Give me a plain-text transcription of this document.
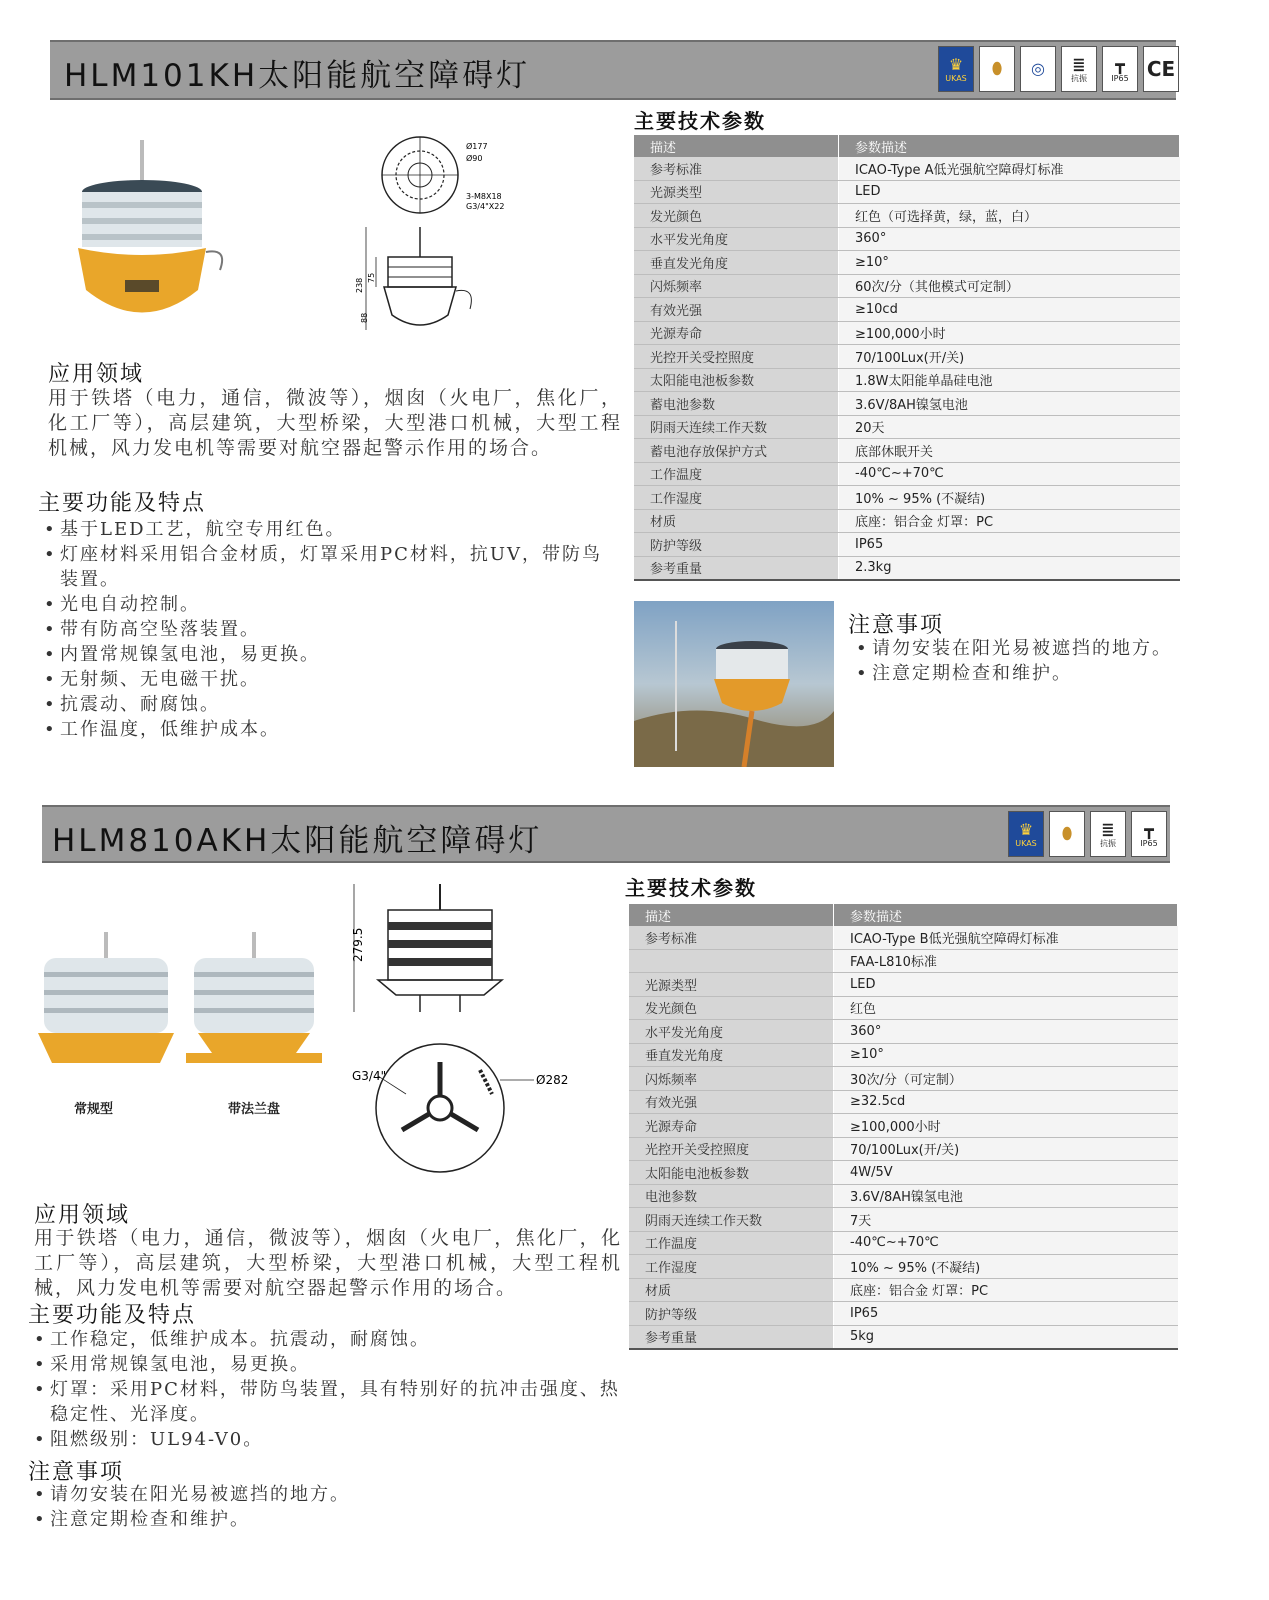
HLM101KH太阳能航空障碍灯	♛
UKAS ⬮ ◎ ≣
抗振
┳
IP65 CE
Ø177
Ø90
3-M8X18
G3/4"X22
238 75
88
主要技术参数
描述	参数描述
参考标准	ICAO-Type A低光强航空障碍灯标准
光源类型	LED
发光颜色	红色（可选择黄，绿，蓝，白）
水平发光角度	360°
垂直发光角度	≥10°
闪烁频率	60次/分（其他模式可定制）
有效光强	≥10cd
光源寿命	≥100,000小时
光控开关受控照度	70/100Lux(开/关)
太阳能电池板参数	1.8W太阳能单晶硅电池
蓄电池参数	3.6V/8AH镍氢电池
阴雨天连续工作天数	20天
蓄电池存放保护方式	底部休眠开关
工作温度	-40℃~+70℃
工作湿度	10% ~ 95% (不凝结)
材质	底座：铝合金 灯罩：PC
防护等级	IP65
参考重量	2.3kg
应用领域
用于铁塔（电力，通信，微波等），烟囱（火电厂，焦化厂，化工厂等），高层建筑，大型桥梁，大型港口机械，大型工程机械，风力发电机等需要对航空器起警示作用的场合。
主要功能及特点
• 基于LED工艺，航空专用红色。
• 灯座材料采用铝合金材质，灯罩采用PC材料，抗UV，带防鸟装置。
• 光电自动控制。
• 带有防高空坠落装置。
• 内置常规镍氢电池，易更换。
• 无射频、无电磁干扰。
• 抗震动、耐腐蚀。
• 工作温度，低维护成本。
注意事项
• 请勿安装在阳光易被遮挡的地方。
• 注意定期检查和维护。
HLM810AKH太阳能航空障碍灯	♛
UKAS ⬮ ≣
抗振
┳
IP65
常规型	带法兰盘
279.5
G3/4"	Ø282
主要技术参数
描述	参数描述
参考标准	ICAO-Type B低光强航空障碍灯标准
	FAA-L810标准
光源类型	LED
发光颜色	红色
水平发光角度	360°
垂直发光角度	≥10°
闪烁频率	30次/分（可定制）
有效光强	≥32.5cd
光源寿命	≥100,000小时
光控开关受控照度	70/100Lux(开/关)
太阳能电池板参数	4W/5V
电池参数	3.6V/8AH镍氢电池
阴雨天连续工作天数	7天
工作温度	-40℃~+70℃
工作湿度	10% ~ 95% (不凝结)
材质	底座：铝合金 灯罩：PC
防护等级	IP65
参考重量	5kg
应用领域
用于铁塔（电力，通信，微波等），烟囱（火电厂，焦化厂，化工厂等），高层建筑，大型桥梁，大型港口机械，大型工程机械，风力发电机等需要对航空器起警示作用的场合。
主要功能及特点
• 工作稳定，低维护成本。抗震动，耐腐蚀。
• 采用常规镍氢电池，易更换。
• 灯罩：采用PC材料，带防鸟装置，具有特别好的抗冲击强度、热稳定性、光泽度。
• 阻燃级别：UL94-V0。
注意事项
• 请勿安装在阳光易被遮挡的地方。
• 注意定期检查和维护。
